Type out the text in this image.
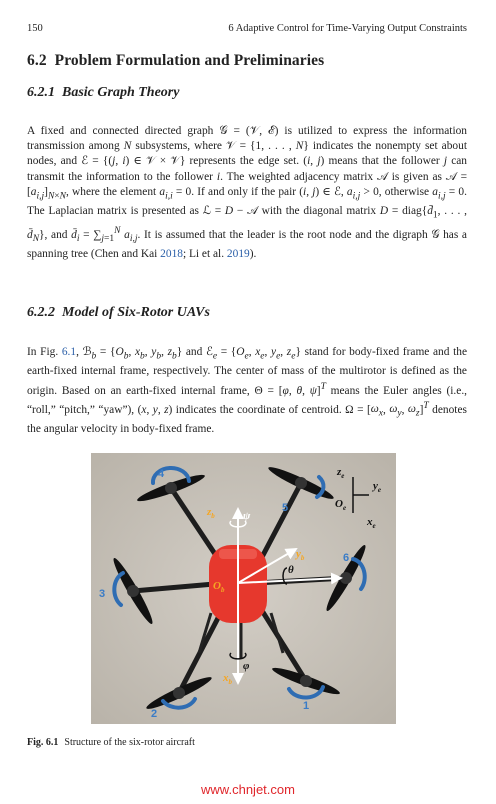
150	6 Adaptive Control for Time-Varying Output Constraints
6.2 Problem Formulation and Preliminaries
6.2.1 Basic Graph Theory

A fixed and connected directed graph 𝒢 = (𝒱, ℰ) is utilized to express the information transmission among N subsystems, where 𝒱 = {1, . . . , N} indicates the nonempty set about nodes, and ℰ = {(j, i) ∈ 𝒱 × 𝒱} represents the edge set. (i, j) means that the follower j can transmit the information to the follower i. The weighted adjacency matrix 𝒜 is given as 𝒜 = $[a_{i,j}]_{N\times N}$, where the element $a_{i,i} = 0$. If and only if the pair (i, j) ∈ ℰ, $a_{i,j} > 0$, otherwise $a_{i,j} = 0$. The Laplacian matrix is presented as ℒ = D − 𝒜 with the diagonal matrix $D = diag\{d̄_1$, . . . , $d̄_N$}, and $d̄_i = \sum_{j=1}^N$ $a_{i,j}$. It is assumed that the leader is the root node and the digraph 𝒢 has a spanning tree (Chen and Kai 2018; Li et al. 2019).

6.2.2 Model of Six-Rotor UAVs

In Fig. 6.1, ℬ$_b$ = {$O_b$, $x_b$, $y_b$, $z_b$} and ℰ$_e$ = {$O_e$, $x_e$, $y_e$, $z_e$} stand for body-fixed frame and the earth-fixed internal frame, respectively. The center of mass of the multirotor is defined as the origin. Based on an earth-fixed internal frame, Θ = [φ, θ, ψ]$^T$ means the Euler angles (i.e., “roll,” “pitch,” “yaw”), (x, y, z) indicates the coordinate of centroid. $\Omega = [\omega_x$, $\omega_y$, $\omega_z]^T$ denotes the angular velocity in body-fixed frame.

$z_b$	ψ
$O_b$
$y_b$
θ
φ
$x_b$
$z_e$
$y_e$
$O_e$
$x_e$
1
2
3
4
5
6
Fig. 6.1 Structure of the six-rotor aircraft
www.chnjet.com
